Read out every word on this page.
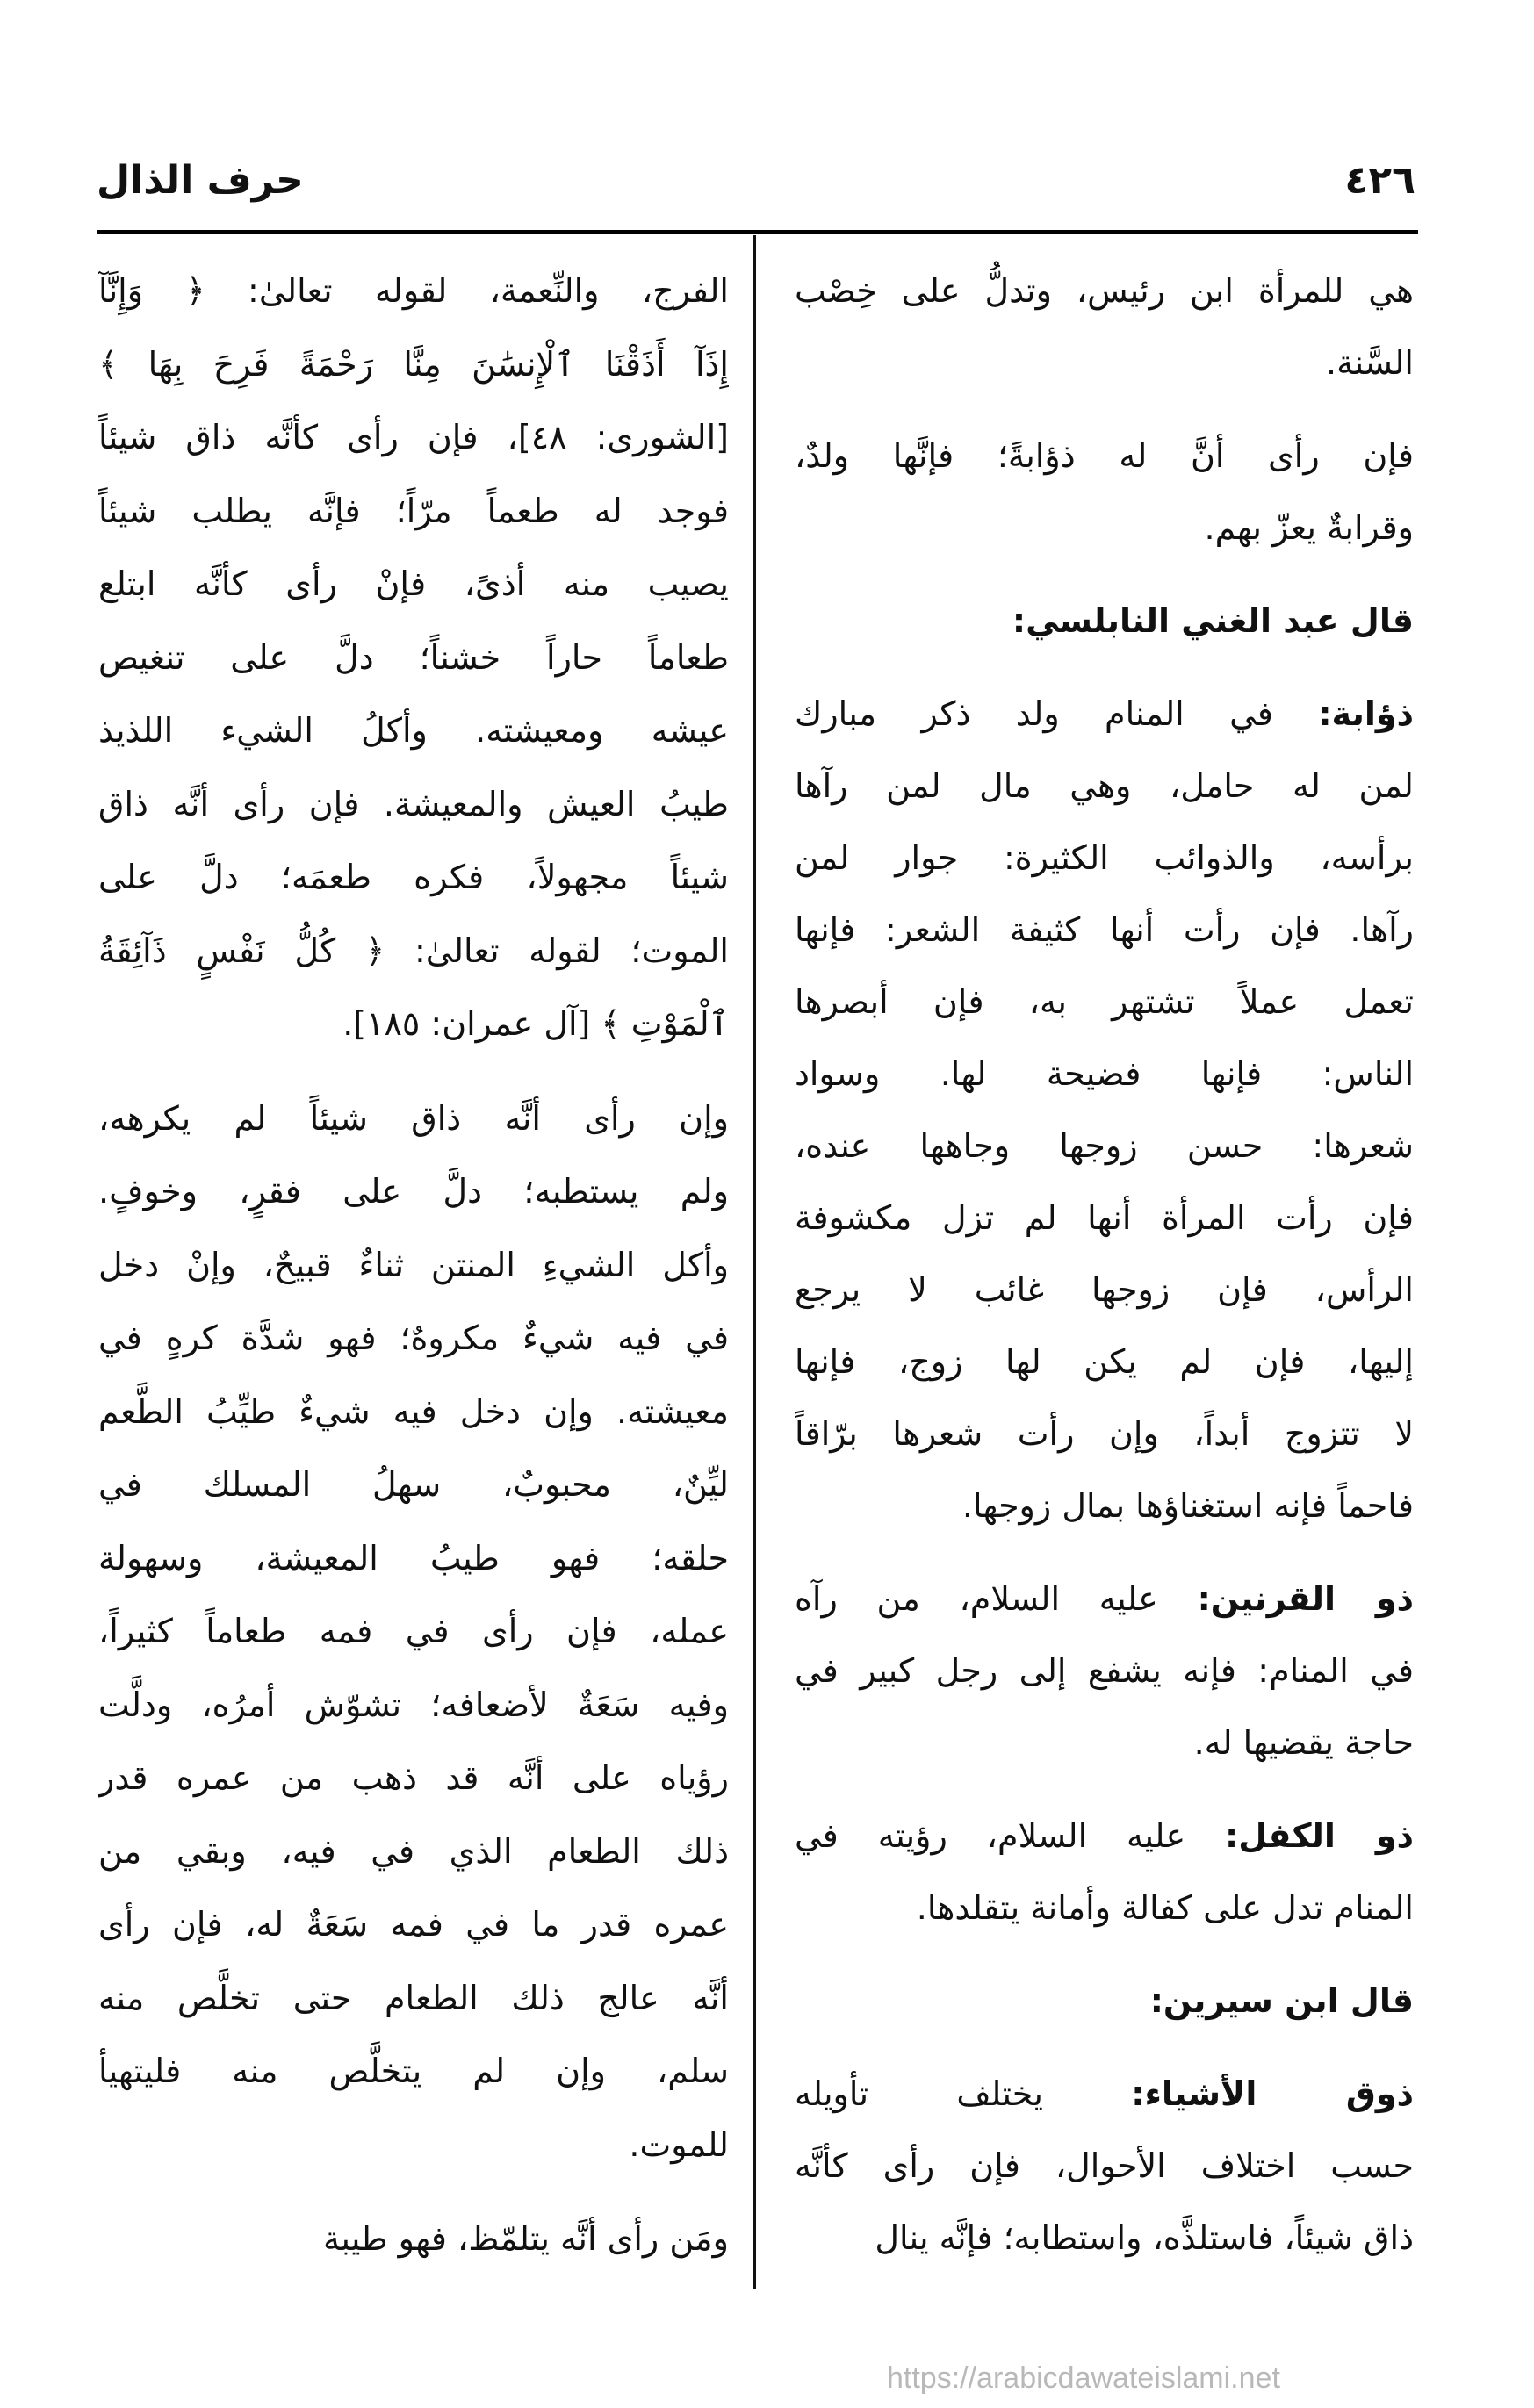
٤٢٦
حرف الذال
هي للمرأة ابن رئيس، وتدلُّ على خِصْب
السَّنة.
فإن رأى أنَّ له ذؤابةً؛ فإنَّها ولدٌ،
وقرابةٌ يعزّ بهم.
قال عبد الغني النابلسي:
ذؤابة: في المنام ولد ذكر مبارك
لمن له حامل، وهي مال لمن رآها
برأسه، والذوائب الكثيرة: جوار لمن
رآها. فإن رأت أنها كثيفة الشعر: فإنها
تعمل عملاً تشتهر به، فإن أبصرها
الناس: فإنها فضيحة لها. وسواد
شعرها: حسن زوجها وجاهها عنده،
فإن رأت المرأة أنها لم تزل مكشوفة
الرأس، فإن زوجها غائب لا يرجع
إليها، فإن لم يكن لها زوج، فإنها
لا تتزوج أبداً، وإن رأت شعرها برّاقاً
فاحماً فإنه استغناؤها بمال زوجها.
ذو القرنين: عليه السلام، من رآه
في المنام: فإنه يشفع إلى رجل كبير في
حاجة يقضيها له.
ذو الكفل: عليه السلام، رؤيته في
المنام تدل على كفالة وأمانة يتقلدها.
قال ابن سيرين:
ذوق الأشياء: يختلف تأويله
حسب اختلاف الأحوال، فإن رأى كأنَّه
ذاق شيئاً، فاستلذَّه، واستطابه؛ فإنَّه ينال
الفرج، والنِّعمة، لقوله تعالىٰ: ﴿ وَإِنَّآ
إِذَآ أَذَقْنَا ٱلْإِنسَٰنَ مِنَّا رَحْمَةً فَرِحَ بِهَا ﴾
[الشورى: ٤٨]، فإن رأى كأنَّه ذاق شيئاً
فوجد له طعماً مرّاً؛ فإنَّه يطلب شيئاً
يصيب منه أذىً، فإنْ رأى كأنَّه ابتلع
طعاماً حاراً خشناً؛ دلَّ على تنغيص
عيشه ومعيشته. وأكلُ الشيء اللذيذ
طيبُ العيش والمعيشة. فإن رأى أنَّه ذاق
شيئاً مجهولاً، فكره طعمَه؛ دلَّ على
الموت؛ لقوله تعالىٰ: ﴿ كُلُّ نَفْسٍ ذَآئِقَةُ
ٱلْمَوْتِ ﴾ [آل عمران: ١٨٥].
وإن رأى أنَّه ذاق شيئاً لم يكرهه،
ولم يستطبه؛ دلَّ على فقرٍ، وخوفٍ.
وأكل الشيءِ المنتن ثناءٌ قبيحٌ، وإنْ دخل
في فيه شيءٌ مكروهٌ؛ فهو شدَّة كرهٍ في
معيشته. وإن دخل فيه شيءٌ طيِّبُ الطَّعم
ليِّنٌ، محبوبٌ، سهلُ المسلك في
حلقه؛ فهو طيبُ المعيشة، وسهولة
عمله، فإن رأى في فمه طعاماً كثيراً،
وفيه سَعَةٌ لأضعافه؛ تشوّش أمرُه، ودلَّت
رؤياه على أنَّه قد ذهب من عمره قدر
ذلك الطعام الذي في فيه، وبقي من
عمره قدر ما في فمه سَعَةٌ له، فإن رأى
أنَّه عالج ذلك الطعام حتى تخلَّص منه
سلم، وإن لم يتخلَّص منه فليتهيأ
للموت.
ومَن رأى أنَّه يتلمّظ، فهو طيبة
https://arabicdawateislami.net
